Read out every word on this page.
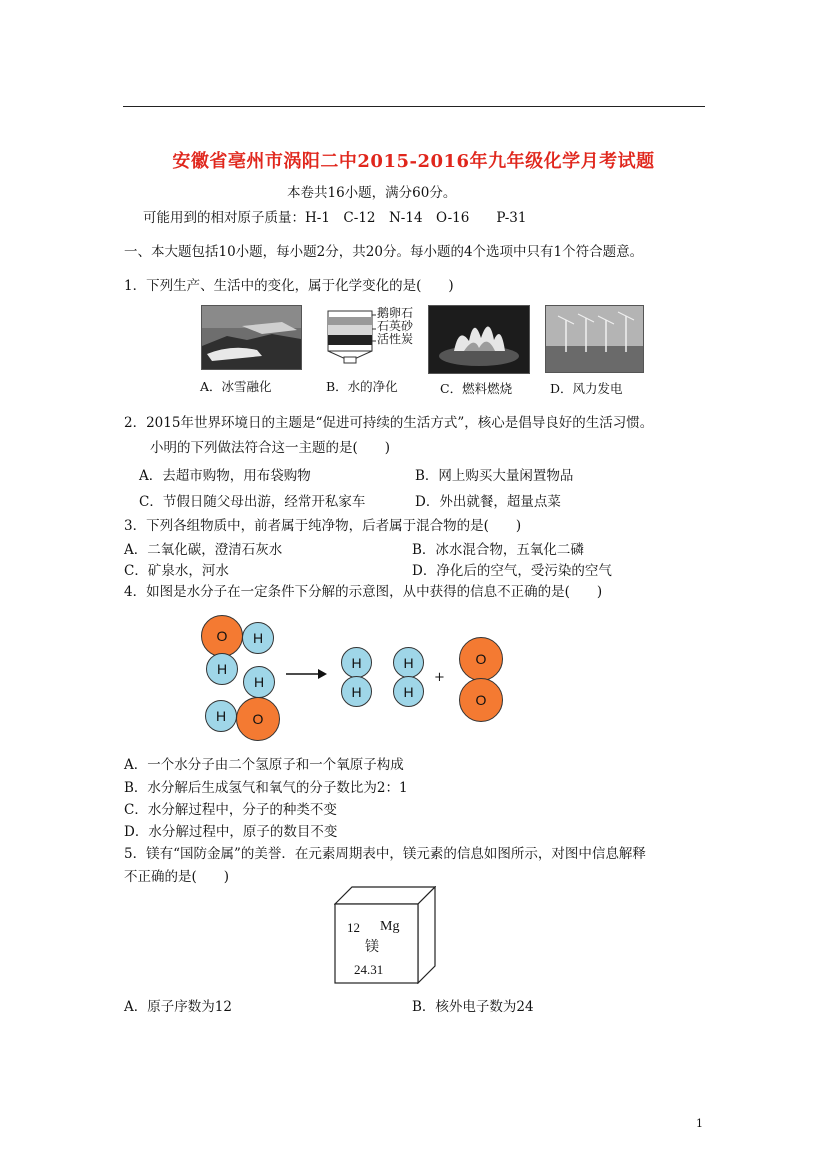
安徽省亳州市涡阳二中2015-2016年九年级化学月考试题
本卷共16小题，满分60分。
可能用到的相对原子质量：H-1　C-12　N-14　O-16　　P-31
一、本大题包括10小题，每小题2分，共20分。每小题的4个选项中只有1个符合题意。
1．下列生产、生活中的变化，属于化学变化的是(　　)
鹅卵石
石英砂
活性炭
A．冰雪融化	B．水的净化	C．燃料燃烧	D．风力发电
2．2015年世界环境日的主题是“促进可持续的生活方式”，核心是倡导良好的生活习惯。
小明的下列做法符合这一主题的是(　　)
A．去超市购物，用布袋购物	B．网上购买大量闲置物品
C．节假日随父母出游，经常开私家车	D．外出就餐，超量点菜
3．下列各组物质中，前者属于纯净物，后者属于混合物的是(　　)
A．二氧化碳，澄清石灰水	B．冰水混合物，五氧化二磷
C．矿泉水，河水	D．净化后的空气，受污染的空气
4．如图是水分子在一定条件下分解的示意图，从中获得的信息不正确的是(　　)
O	H
H
H
H	O
H
H
H
H
+
O
O
A．一个水分子由二个氢原子和一个氧原子构成
B．水分解后生成氢气和氧气的分子数比为2：1
C．水分解过程中，分子的种类不变
D．水分解过程中，原子的数目不变
5．镁有“国防金属”的美誉．在元素周期表中，镁元素的信息如图所示，对图中信息解释
不正确的是(　　)
12 Mg
镁
24.31
A．原子序数为12	B．核外电子数为24
1
